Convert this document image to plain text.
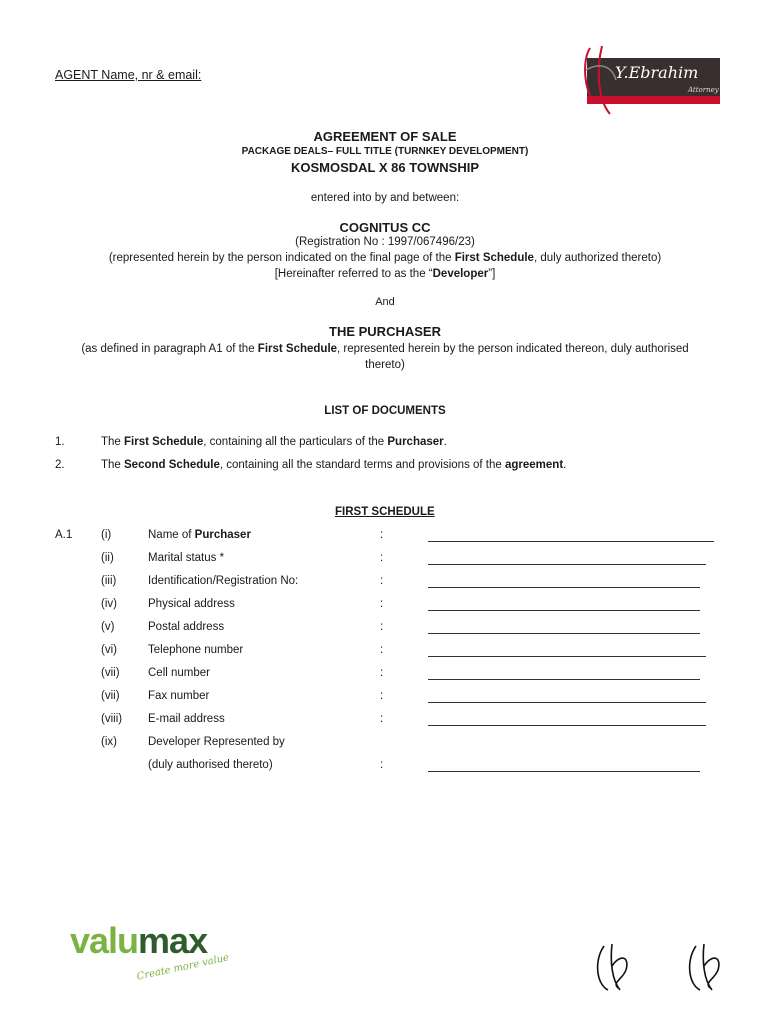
AGENT Name, nr & email:	Y.Ebrahim
Attorney
AGREEMENT OF SALE
PACKAGE DEALS– FULL TITLE (TURNKEY DEVELOPMENT)
KOSMOSDAL X 86 TOWNSHIP
entered into by and between:
COGNITUS CC
(Registration No : 1997/067496/23)
(represented herein by the person indicated on the final page of the First Schedule, duly authorized thereto)
[Hereinafter referred to as the “Developer”]
And
THE PURCHASER
(as defined in paragraph A1 of the First Schedule, represented herein by the person indicated thereon, duly authorised thereto)
LIST OF DOCUMENTS
1.	The First Schedule, containing all the particulars of the Purchaser.
2.	The Second Schedule, containing all the standard terms and provisions of the agreement.
FIRST SCHEDULE
A.1 (i)	Name of Purchaser	:
(ii)	Marital status *	:
(iii)	Identification/Registration No:	:
(iv)	Physical address	:
(v)	Postal address	:
(vi)	Telephone number	:
(vii) Cell number	:
(vii) Fax number	:
(viii) E-mail address	:
(ix)	Developer Represented by
(duly authorised thereto)	:
valumax
Create more value
